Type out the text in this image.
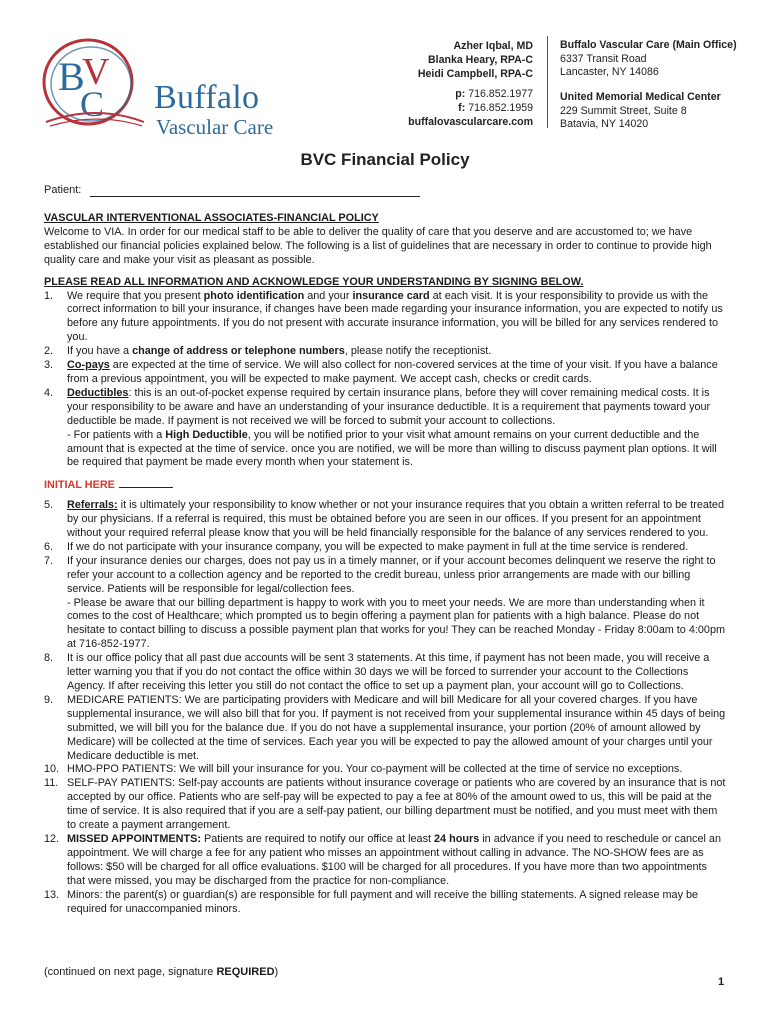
B
V
C Buffalo
Vascular Care
Azher Iqbal, MD
Blanka Heary, RPA-C
Heidi Campbell, RPA-C
p: 716.852.1977
f: 716.852.1959
buffalovascularcare.com
Buffalo Vascular Care (Main Office)
6337 Transit Road
Lancaster, NY 14086
United Memorial Medical Center
229 Summit Street, Suite 8
Batavia, NY 14020
BVC Financial Policy
Patient:

VASCULAR INTERVENTIONAL ASSOCIATES-FINANCIAL POLICY

Welcome to VIA. In order for our medical staff to be able to deliver the quality of care that you deserve and are accustomed to; we have established our financial policies explained below. The following is a list of guidelines that are necessary in order to continue to provide high quality care and make your visit as pleasant as possible.

PLEASE READ ALL INFORMATION AND ACKNOWLEDGE YOUR UNDERSTANDING BY SIGNING BELOW.

1. We require that you present photo identification and your insurance card at each visit. It is your responsibility to provide us with the correct information to bill your insurance, if changes have been made regarding your insurance information, you are expected to notify us before any future appointments. If you do not present with accurate insurance information, you will be billed for any services rendered to you.
2. If you have a change of address or telephone numbers, please notify the receptionist.
3. Co-pays are expected at the time of service. We will also collect for non-covered services at the time of your visit. If you have a balance from a previous appointment, you will be expected to make payment. We accept cash, checks or credit cards.
4. Deductibles: this is an out-of-pocket expense required by certain insurance plans, before they will cover remaining medical costs. It is your responsibility to be aware and have an understanding of your insurance deductible. It is a requirement that payments toward your deductible be made. If payment is not received we will be forced to submit your account to collections.
- For patients with a High Deductible, you will be notified prior to your visit what amount remains on your current deductible and the amount that is expected at the time of service. once you are notified, we will be more than willing to discuss payment plan options. It will be required that payment be made every month when your statement is.
INITIAL HERE
5. Referrals: it is ultimately your responsibility to know whether or not your insurance requires that you obtain a written referral to be treated by our physicians. If a referral is required, this must be obtained before you are seen in our offices. If you present for an appointment without your required referral please know that you will be held financially responsible for the balance of any services rendered to you.
6. If we do not participate with your insurance company, you will be expected to make payment in full at the time service is rendered.
7. If your insurance denies our charges, does not pay us in a timely manner, or if your account becomes delinquent we reserve the right to refer your account to a collection agency and be reported to the credit bureau, unless prior arrangements are made with our billing service. Patients will be responsible for legal/collection fees.
- Please be aware that our billing department is happy to work with you to meet your needs. We are more than understanding when it comes to the cost of Healthcare; which prompted us to begin offering a payment plan for patients with a high balance. Please do not hesitate to contact billing to discuss a possible payment plan that works for you! They can be reached Monday - Friday 8:00am to 4:00pm at 716-852-1977.
8. It is our office policy that all past due accounts will be sent 3 statements. At this time, if payment has not been made, you will receive a letter warning you that if you do not contact the office within 30 days we will be forced to surrender your account to the Collections Agency. If after receiving this letter you still do not contact the office to set up a payment plan, your account will go to Collections.
9. MEDICARE PATIENTS: We are participating providers with Medicare and will bill Medicare for all your covered charges. If you have supplemental insurance, we will also bill that for you. If payment is not received from your supplemental insurance within 45 days of being submitted, we will bill you for the balance due. If you do not have a supplemental insurance, your portion (20% of amount allowed by Medicare) will be collected at the time of services. Each year you will be expected to pay the allowed amount of your charges until your Medicare deductible is met.
10. HMO-PPO PATIENTS: We will bill your insurance for you. Your co-payment will be collected at the time of service no exceptions.
11. SELF-PAY PATIENTS: Self-pay accounts are patients without insurance coverage or patients who are covered by an insurance that is not accepted by our office. Patients who are self-pay will be expected to pay a fee at 80% of the amount owed to us, this will be paid at the time of service. It is also required that if you are a self-pay patient, our billing department must be notified, and you must meet with them to create a payment arrangement.
12. MISSED APPOINTMENTS: Patients are required to notify our office at least 24 hours in advance if you need to reschedule or cancel an appointment. We will charge a fee for any patient who misses an appointment without calling in advance. The NO-SHOW fees are as follows: $50 will be charged for all office evaluations. $100 will be charged for all procedures. If you have more than two appointments that were missed, you may be discharged from the practice for non-compliance.
13. Minors: the parent(s) or guardian(s) are responsible for full payment and will receive the billing statements. A signed release may be required for unaccompanied minors.
(continued on next page, signature REQUIRED)
1
